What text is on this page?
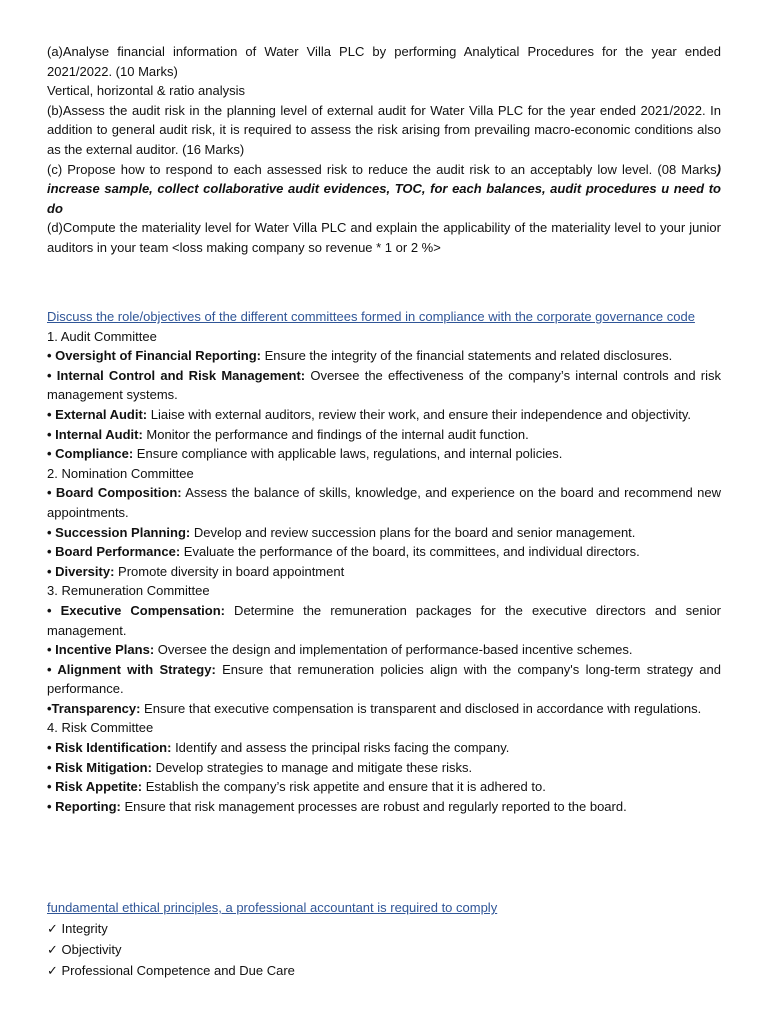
(a)Analyse financial information of Water Villa PLC by performing Analytical Procedures for the year ended 2021/2022. (10 Marks)

Vertical, horizontal & ratio analysis

(b)Assess the audit risk in the planning level of external audit for Water Villa PLC for the year ended 2021/2022. In addition to general audit risk, it is required to assess the risk arising from prevailing macro-economic conditions also as the external auditor. (16 Marks)

(c) Propose how to respond to each assessed risk to reduce the audit risk to an acceptably low level. (08 Marks) increase sample, collect collaborative audit evidences, TOC, for each balances, audit procedures u need to do

(d)Compute the materiality level for Water Villa PLC and explain the applicability of the materiality level to your junior auditors in your team <loss making company so revenue * 1 or 2 %>

Discuss the role/objectives of the different committees formed in compliance with the corporate governance code

1. Audit Committee

• Oversight of Financial Reporting: Ensure the integrity of the financial statements and related disclosures.

• Internal Control and Risk Management: Oversee the effectiveness of the company’s internal controls and risk management systems.

• External Audit: Liaise with external auditors, review their work, and ensure their independence and objectivity.

• Internal Audit: Monitor the performance and findings of the internal audit function.

• Compliance: Ensure compliance with applicable laws, regulations, and internal policies.

2. Nomination Committee

• Board Composition: Assess the balance of skills, knowledge, and experience on the board and recommend new appointments.

• Succession Planning: Develop and review succession plans for the board and senior management.

• Board Performance: Evaluate the performance of the board, its committees, and individual directors.

• Diversity: Promote diversity in board appointment

3. Remuneration Committee

• Executive Compensation: Determine the remuneration packages for the executive directors and senior management.

• Incentive Plans: Oversee the design and implementation of performance-based incentive schemes.

• Alignment with Strategy: Ensure that remuneration policies align with the company's long-term strategy and performance.

•Transparency: Ensure that executive compensation is transparent and disclosed in accordance with regulations.

4. Risk Committee

• Risk Identification: Identify and assess the principal risks facing the company.

• Risk Mitigation: Develop strategies to manage and mitigate these risks.

• Risk Appetite: Establish the company’s risk appetite and ensure that it is adhered to.

• Reporting: Ensure that risk management processes are robust and regularly reported to the board.

fundamental ethical principles, a professional accountant is required to comply

✓ Integrity

✓ Objectivity

✓ Professional Competence and Due Care
